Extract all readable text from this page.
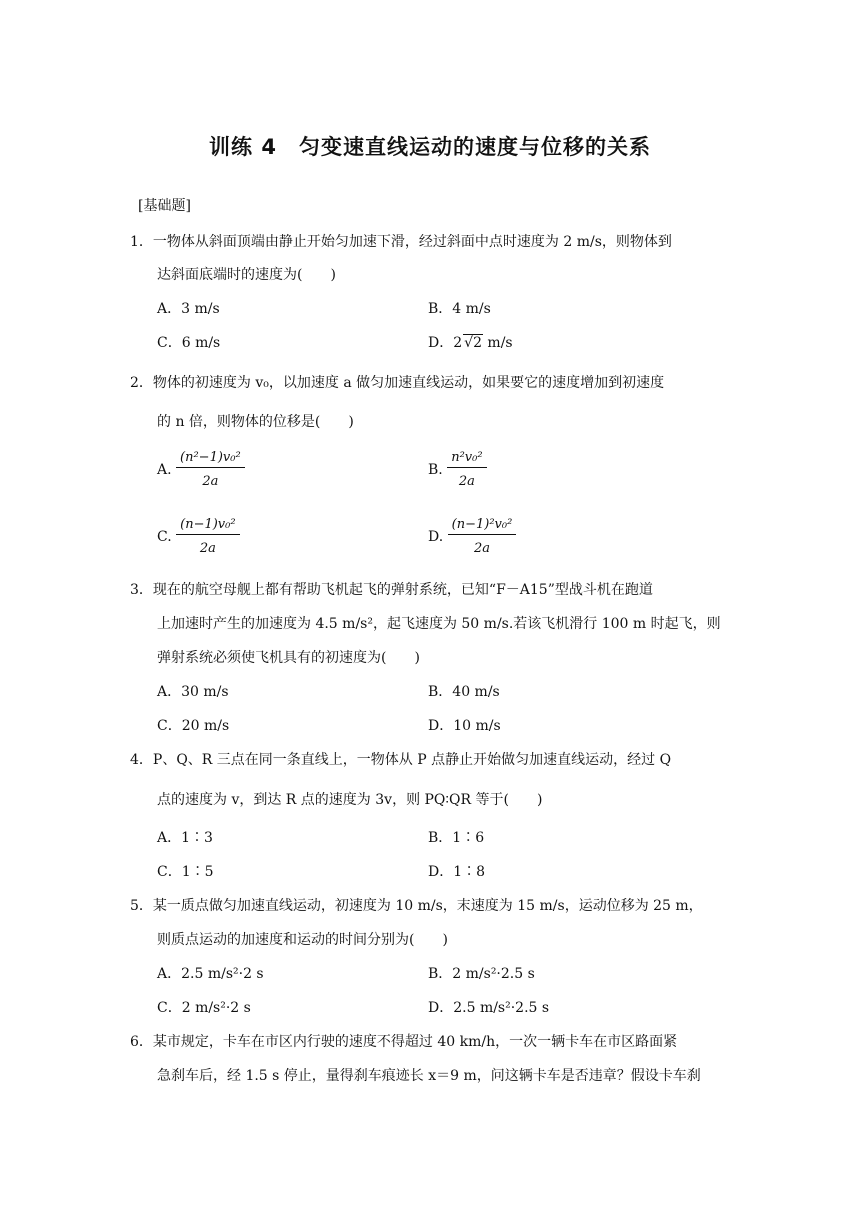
训练 4　匀变速直线运动的速度与位移的关系
[基础题]
1．一物体从斜面顶端由静止开始匀加速下滑，经过斜面中点时速度为 2 m/s，则物体到
达斜面底端时的速度为(　　)
A．3 m/s	B．4 m/s
C．6 m/s	D．2 √2 m/s
2．物体的初速度为 v₀，以加速度 a 做匀加速直线运动，如果要它的速度增加到初速度
的 n 倍，则物体的位移是(　　)
A. $\frac{\text{(n²−1)v₀²}}{2a}$	B. $\frac{\text{n²v₀²}}{2a}$
C. $\frac{\text{(n−1)v₀²}}{2a}$	D. $\frac{\text{(n−1)²v₀²}}{2a}$
3．现在的航空母舰上都有帮助飞机起飞的弹射系统，已知“F－A15”型战斗机在跑道
上加速时产生的加速度为 4.5 m/s²，起飞速度为 50 m/s.若该飞机滑行 100 m 时起飞，则
弹射系统必须使飞机具有的初速度为(　　)
A．30 m/s	B．40 m/s
C．20 m/s	D．10 m/s
4．P、Q、R 三点在同一条直线上，一物体从 P 点静止开始做匀加速直线运动，经过 Q
点的速度为 v，到达 R 点的速度为 3v，则 PQ∶QR 等于(　　)
A．1∶3	B．1∶6
C．1∶5	D．1∶8
5．某一质点做匀加速直线运动，初速度为 10 m/s，末速度为 15 m/s，运动位移为 25 m，
则质点运动的加速度和运动的时间分别为(　　)
A．2.5 m/s²·2 s	B．2 m/s²·2.5 s
C．2 m/s²·2 s	D．2.5 m/s²·2.5 s
6．某市规定，卡车在市区内行驶的速度不得超过 40 km/h，一次一辆卡车在市区路面紧
急刹车后，经 1.5 s 停止，量得刹车痕迹长 x＝9 m，问这辆卡车是否违章？假设卡车刹
